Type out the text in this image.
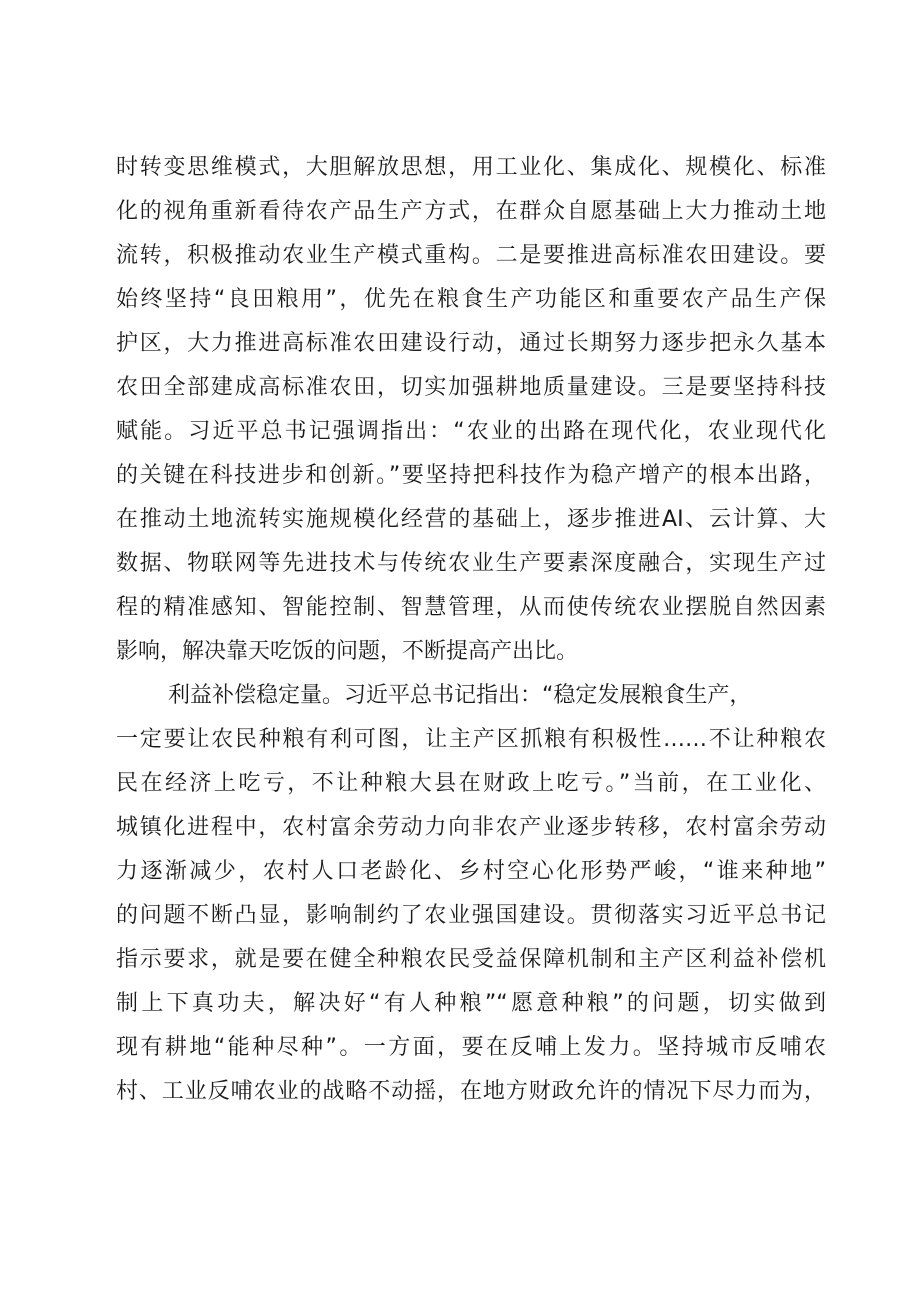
时转变思维模式，大胆解放思想，用工业化、集成化、规模化、标准
化的视角重新看待农产品生产方式，在群众自愿基础上大力推动土地
流转，积极推动农业生产模式重构。二是要推进高标准农田建设。要
始终坚持“良田粮用”，优先在粮食生产功能区和重要农产品生产保
护区，大力推进高标准农田建设行动，通过长期努力逐步把永久基本
农田全部建成高标准农田，切实加强耕地质量建设。三是要坚持科技
赋能。习近平总书记强调指出：“农业的出路在现代化，农业现代化
的关键在科技进步和创新。”要坚持把科技作为稳产增产的根本出路，
在推动土地流转实施规模化经营的基础上，逐步推进AI、云计算、大
数据、物联网等先进技术与传统农业生产要素深度融合，实现生产过
程的精准感知、智能控制、智慧管理，从而使传统农业摆脱自然因素
影响，解决靠天吃饭的问题，不断提高产出比。
利益补偿稳定量。习近平总书记指出：“稳定发展粮食生产，
一定要让农民种粮有利可图，让主产区抓粮有积极性……不让种粮农
民在经济上吃亏，不让种粮大县在财政上吃亏。”当前，在工业化、
城镇化进程中，农村富余劳动力向非农产业逐步转移，农村富余劳动
力逐渐减少，农村人口老龄化、乡村空心化形势严峻，“谁来种地”
的问题不断凸显，影响制约了农业强国建设。贯彻落实习近平总书记
指示要求，就是要在健全种粮农民受益保障机制和主产区利益补偿机
制上下真功夫，解决好“有人种粮”“愿意种粮”的问题，切实做到
现有耕地“能种尽种”。一方面，要在反哺上发力。坚持城市反哺农
村、工业反哺农业的战略不动摇，在地方财政允许的情况下尽力而为，
